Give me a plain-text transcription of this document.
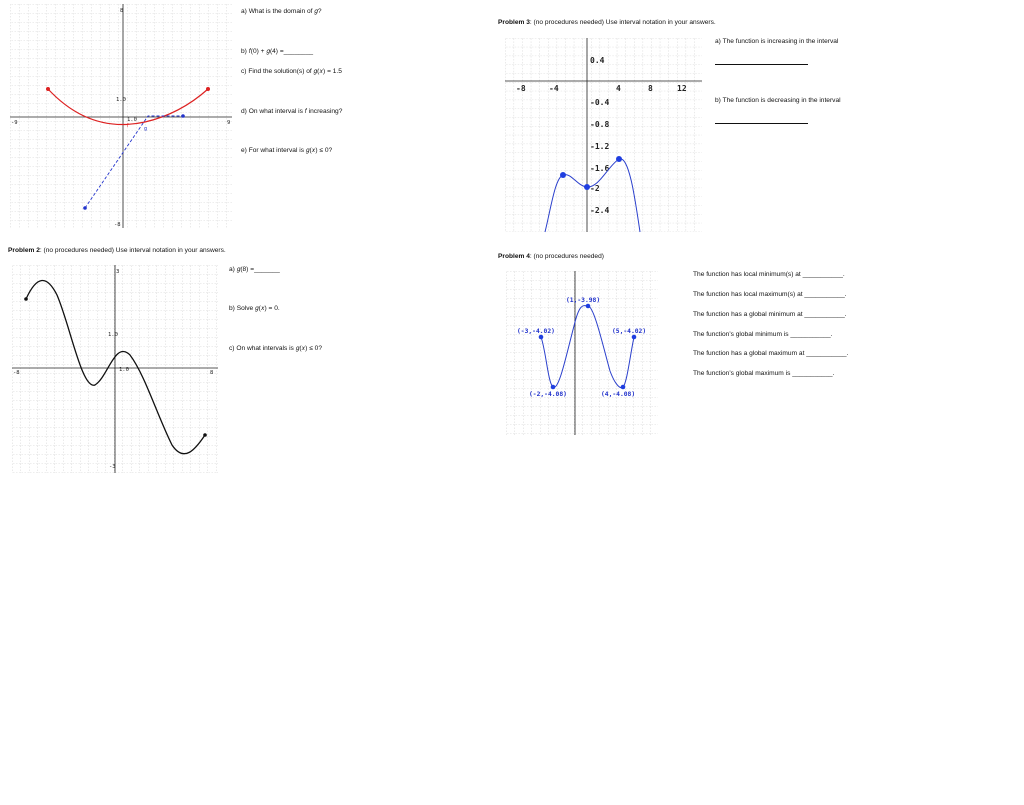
8
-8
-9	9
1.0
1.0
f	g
a) What is the domain of 𝑔?
b) 𝑓(0) + 𝑔(4) =________
c) Find the solution(s) of 𝑔(𝑥) = 1.5
d) On what interval is 𝑓 increasing?
e) For what interval is 𝑔(𝑥) ≤ 0?
Problem 2: (no procedures needed) Use interval notation in your answers.
3
-3
-8	8
1.0
1.0
a) 𝑔(8) =_______
b) Solve 𝑔(𝑥) = 0.
c) On what intervals is 𝑔(𝑥) ≤ 0?
Problem 3: (no procedures needed) Use interval notation in your answers.
-8	-4	4	8	12
0.4
-0.4
-0.8
-1.2
-1.6
-2
-2.4
a) The function is increasing in the interval
b) The function is decreasing in the interval
Problem 4: (no procedures needed)
(1,-3.98)
(-3,-4.02)	(5,-4.02)
(-2,-4.08)	(4,-4.08)
The function has local minimum(s) at ___________.
The function has local maximum(s) at ___________.
The function has a global minimum at ___________.
The function’s global minimum is ___________.
The function has a global maximum at ___________.
The function’s global maximum is ___________.
